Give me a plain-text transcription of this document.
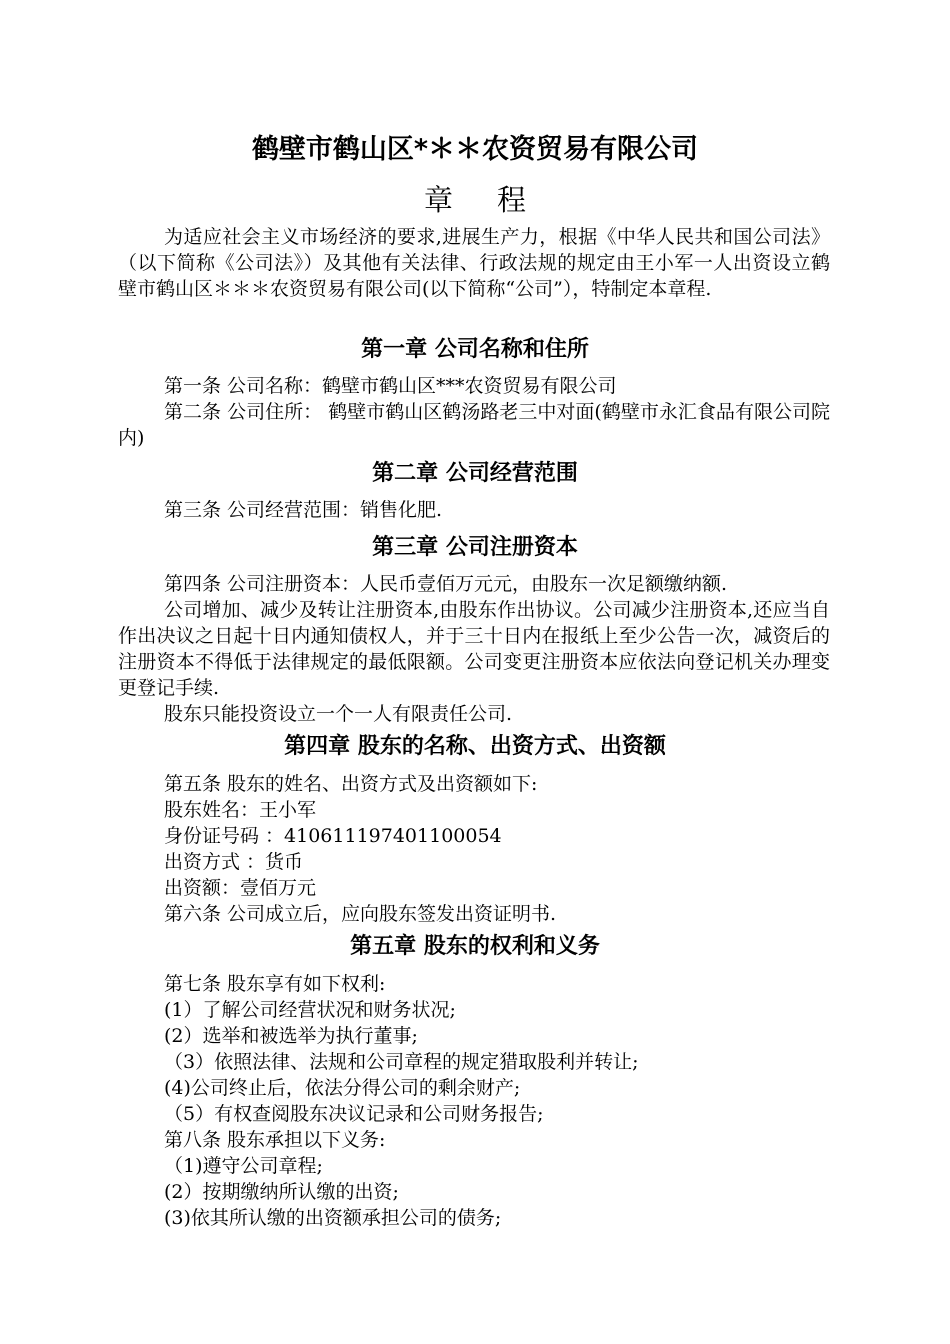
鹤壁市鹤山区*＊＊农资贸易有限公司
章程
为适应社会主义市场经济的要求,进展生产力，根据《中华人民共和国公司法》（以下简称《公司法》）及其他有关法律、行政法规的规定由王小军一人出资设立鹤壁市鹤山区＊＊＊农资贸易有限公司(以下简称“公司”），特制定本章程.
第一章 公司名称和住所
第一条 公司名称：鹤壁市鹤山区***农资贸易有限公司
第二条 公司住所： 鹤壁市鹤山区鹤汤路老三中对面(鹤壁市永汇食品有限公司院内)
第二章 公司经营范围
第三条 公司经营范围：销售化肥.
第三章 公司注册资本
第四条 公司注册资本：人民币壹佰万元元，由股东一次足额缴纳额.
公司增加、减少及转让注册资本,由股东作出协议。公司减少注册资本,还应当自作出决议之日起十日内通知债权人，并于三十日内在报纸上至少公告一次，减资后的注册资本不得低于法律规定的最低限额。公司变更注册资本应依法向登记机关办理变更登记手续.
股东只能投资设立一个一人有限责任公司.
第四章 股东的名称、出资方式、出资额
第五条 股东的姓名、出资方式及出资额如下:
股东姓名：王小军
身份证号码 ：410611197401100054
出资方式 ：货币
出资额：壹佰万元
第六条 公司成立后，应向股东签发出资证明书.
第五章 股东的权利和义务
第七条 股东享有如下权利:
(1）了解公司经营状况和财务状况;
(2）选举和被选举为执行董事;
（3）依照法律、法规和公司章程的规定猎取股利并转让;
(4)公司终止后，依法分得公司的剩余财产;
（5）有权查阅股东决议记录和公司财务报告;
第八条 股东承担以下义务:
（1)遵守公司章程;
(2）按期缴纳所认缴的出资;
(3)依其所认缴的出资额承担公司的债务;
